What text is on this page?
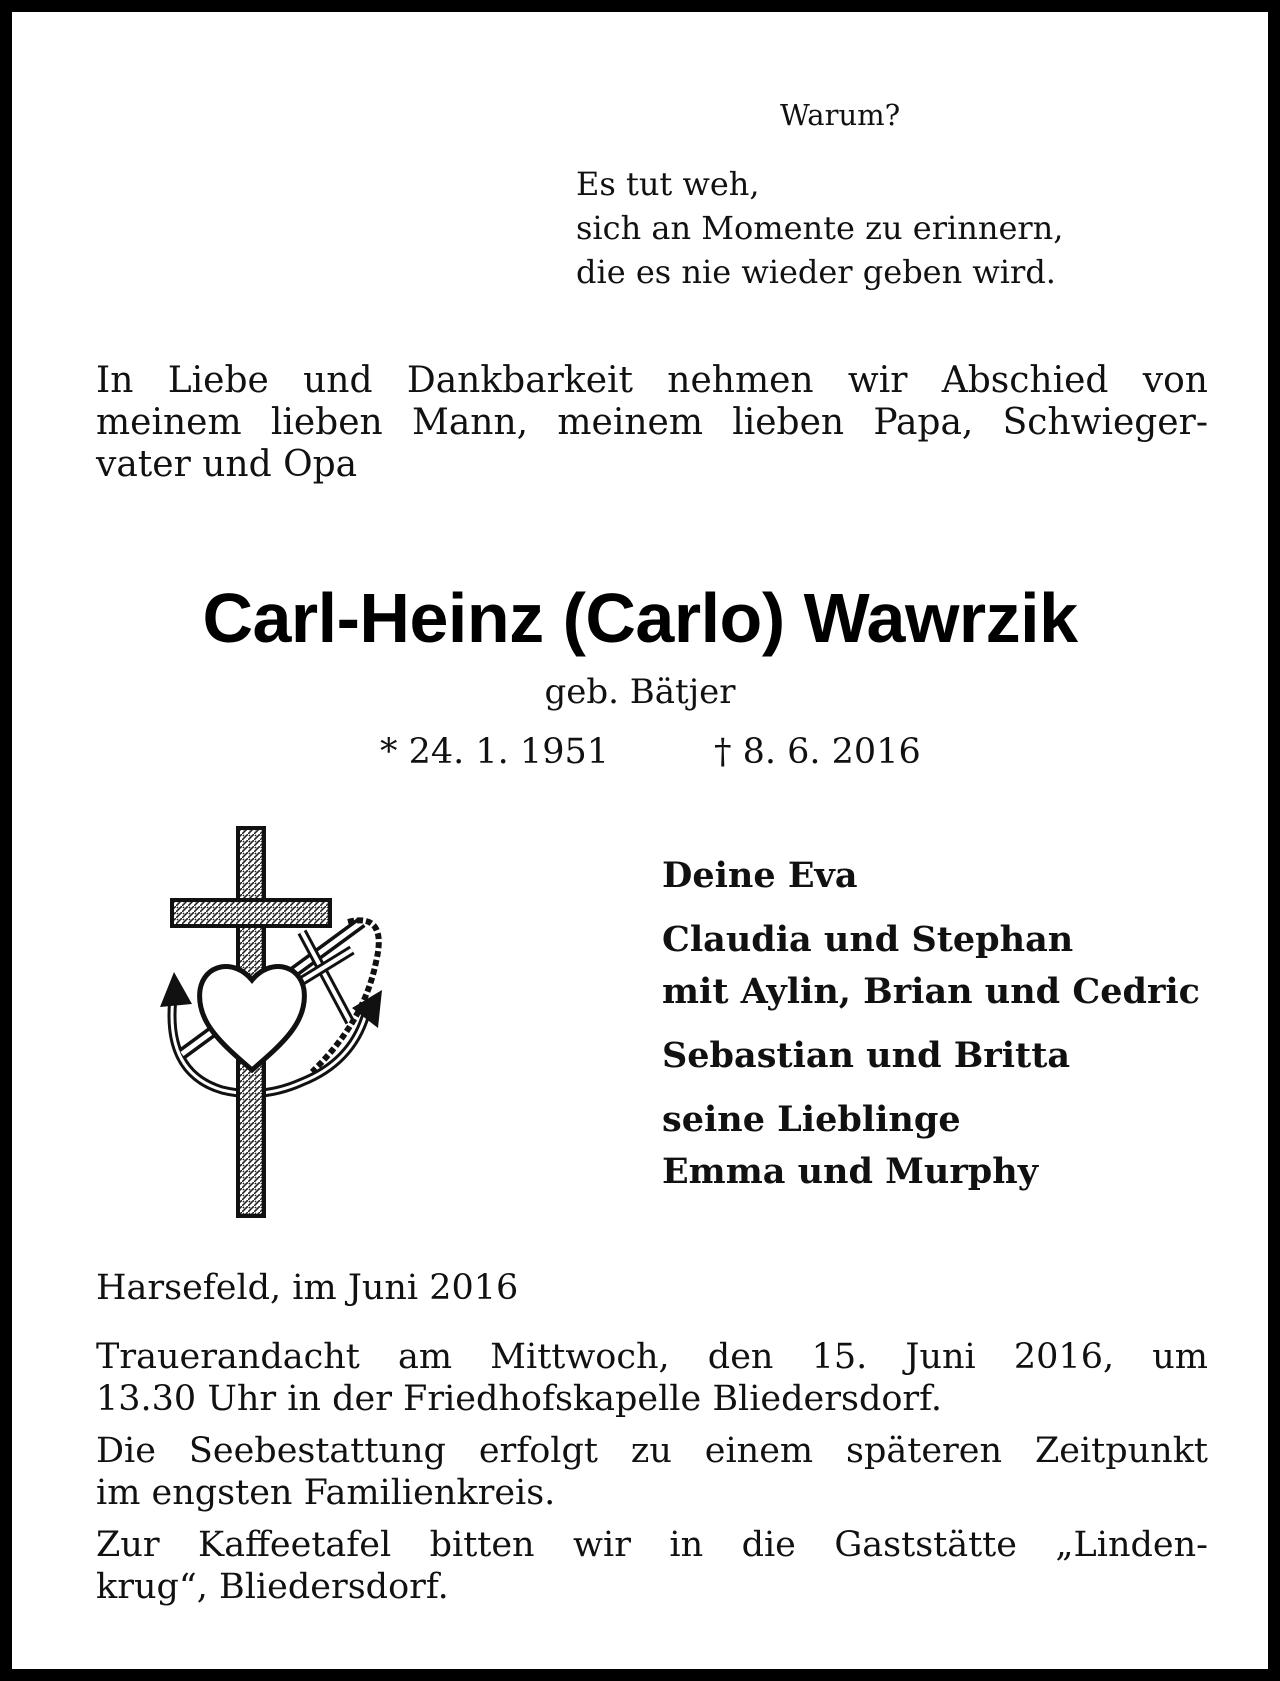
Warum?
Es tut weh,
sich an Momente zu erinnern,
die es nie wieder geben wird.
In Liebe und Dankbarkeit nehmen wir Abschied von
meinem lieben Mann, meinem lieben Papa, Schwieger-
vater und Opa
Carl-Heinz (Carlo) Wawrzik
geb. Bätjer
* 24. 1. 1951	† 8. 6. 2016
Deine Eva
Claudia und Stephan
mit Aylin, Brian und Cedric
Sebastian und Britta
seine Lieblinge
Emma und Murphy
Harsefeld, im Juni 2016
Trauerandacht am Mittwoch, den 15. Juni 2016, um
13.30 Uhr in der Friedhofskapelle Bliedersdorf.
Die Seebestattung erfolgt zu einem späteren Zeitpunkt
im engsten Familienkreis.
Zur Kaffeetafel bitten wir in die Gaststätte „Linden-
krug“, Bliedersdorf.
